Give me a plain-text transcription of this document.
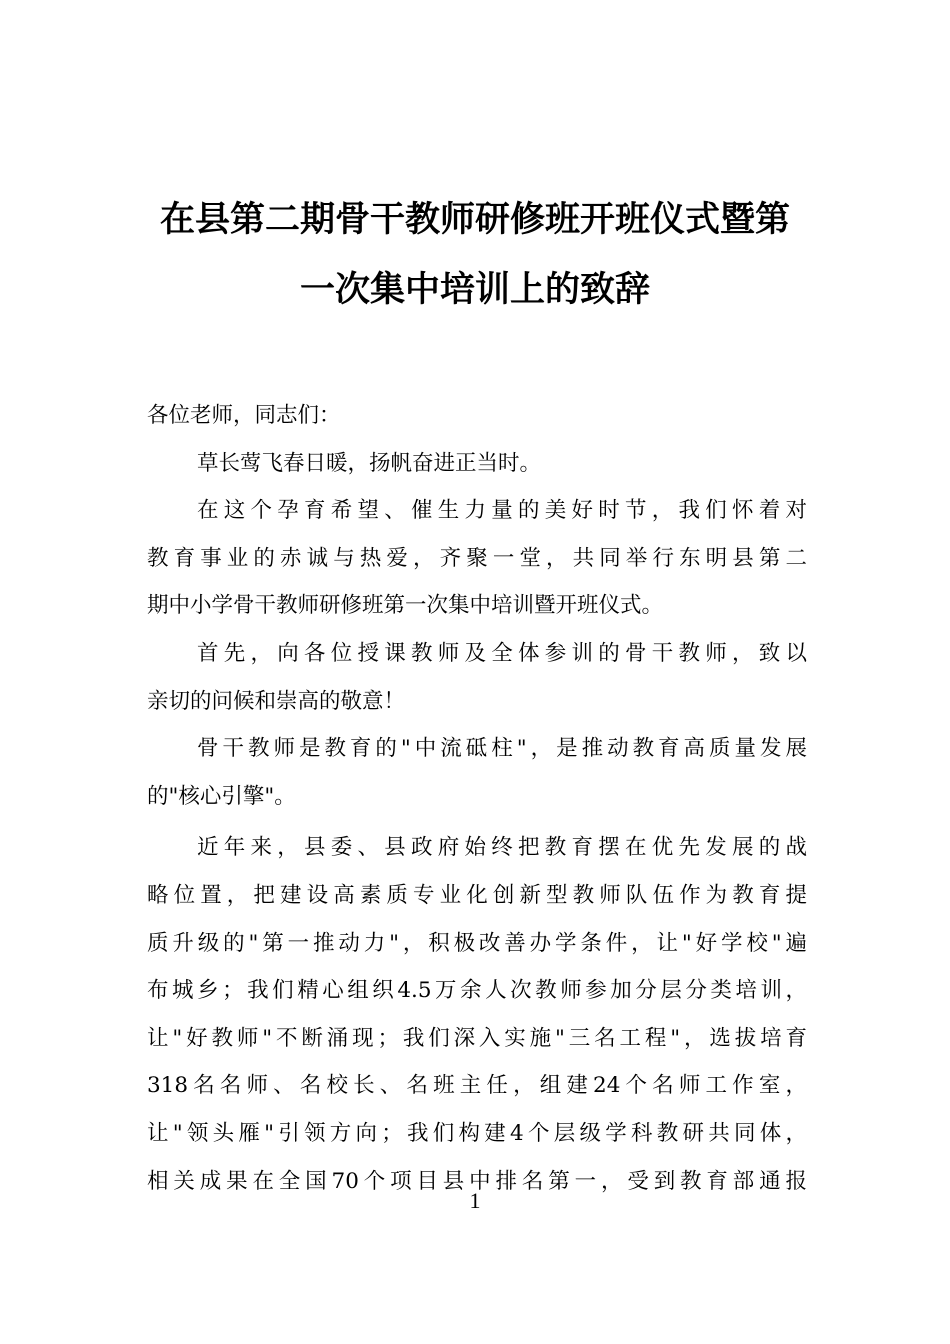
在县第二期骨干教师研修班开班仪式暨第
一次集中培训上的致辞
各位老师，同志们：
草长莺飞春日暖，扬帆奋进正当时。
在这个孕育希望、催生力量的美好时节，我们怀着对
教育事业的赤诚与热爱，齐聚一堂，共同举行东明县第二
期中小学骨干教师研修班第一次集中培训暨开班仪式。
首先，向各位授课教师及全体参训的骨干教师，致以
亲切的问候和崇高的敬意！
骨干教师是教育的"中流砥柱"，是推动教育高质量发展
的"核心引擎"。
近年来，县委、县政府始终把教育摆在优先发展的战
略位置，把建设高素质专业化创新型教师队伍作为教育提
质升级的"第一推动力"，积极改善办学条件，让"好学校"遍
布城乡；我们精心组织4.5万余人次教师参加分层分类培训，
让"好教师"不断涌现；我们深入实施"三名工程"，选拔培育
318名名师、名校长、名班主任，组建24个名师工作室，
让"领头雁"引领方向；我们构建4个层级学科教研共同体，
相关成果在全国70个项目县中排名第一，受到教育部通报
1
